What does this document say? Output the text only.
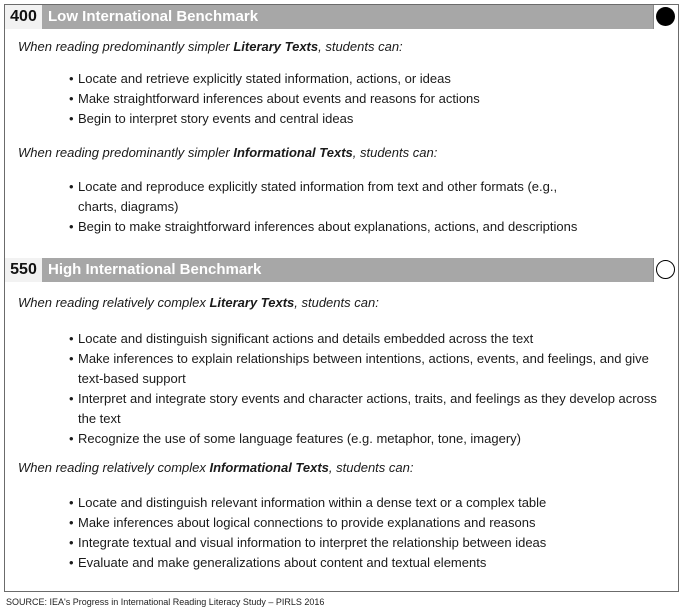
400 Low International Benchmark
When reading predominantly simpler Literary Texts, students can:
• Locate and retrieve explicitly stated information, actions, or ideas
• Make straightforward inferences about events and reasons for actions
• Begin to interpret story events and central ideas
When reading predominantly simpler Informational Texts, students can:
• Locate and reproduce explicitly stated information from text and other formats (e.g., charts, diagrams)
• Begin to make straightforward inferences about explanations, actions, and descriptions
550 High International Benchmark
When reading relatively complex Literary Texts, students can:
• Locate and distinguish significant actions and details embedded across the text
• Make inferences to explain relationships between intentions, actions, events, and feelings, and give text-based support
• Interpret and integrate story events and character actions, traits, and feelings as they develop across the text
• Recognize the use of some language features (e.g. metaphor, tone, imagery)
When reading relatively complex Informational Texts, students can:
• Locate and distinguish relevant information within a dense text or a complex table
• Make inferences about logical connections to provide explanations and reasons
• Integrate textual and visual information to interpret the relationship between ideas
• Evaluate and make generalizations about content and textual elements
SOURCE: IEA's Progress in International Reading Literacy Study – PIRLS 2016
